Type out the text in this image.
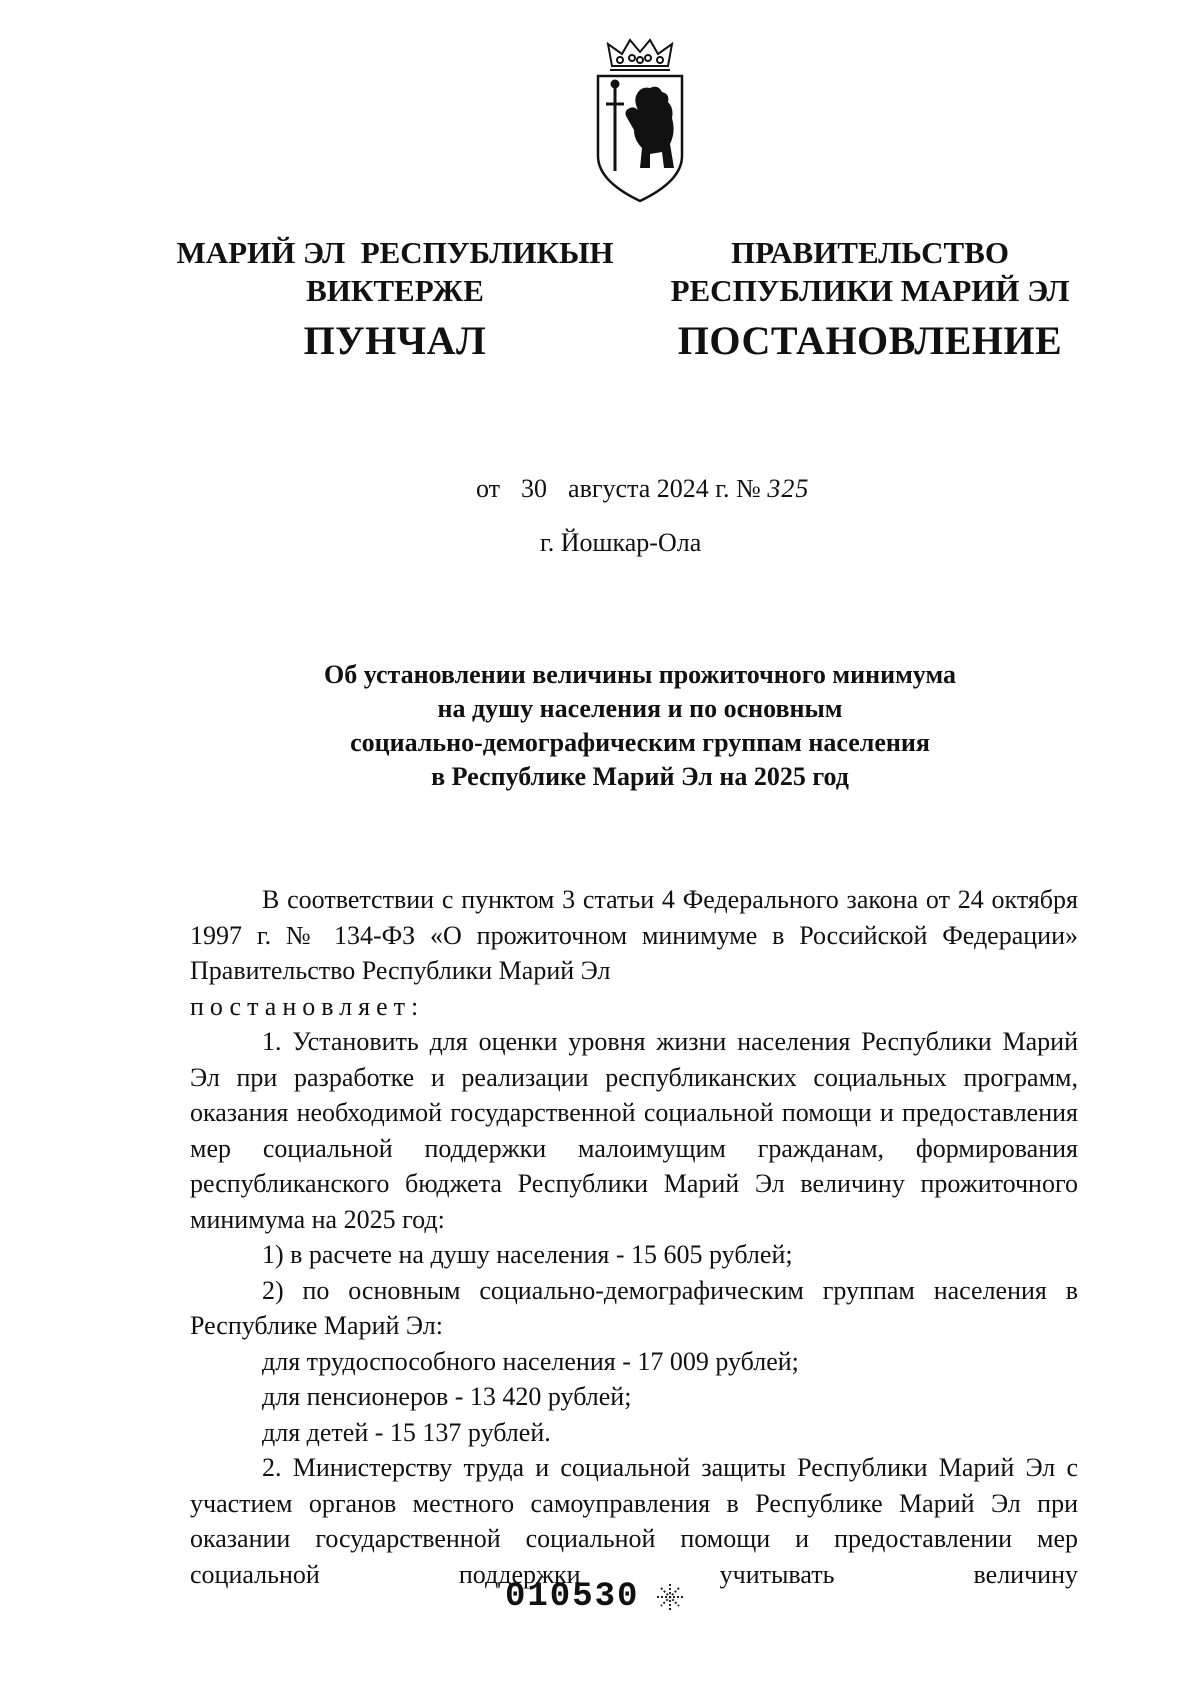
МАРИЙ ЭЛ  РЕСПУБЛИКЫН
ВИКТЕРЖЕ
ПУНЧАЛ
ПРАВИТЕЛЬСТВО
РЕСПУБЛИКИ МАРИЙ ЭЛ
ПОСТАНОВЛЕНИЕ
от 30 августа 2024 г. № 325
г. Йошкар-Ола
Об установлении величины прожиточного минимума
на душу населения и по основным
социально-демографическим группам населения
в Республике Марий Эл на 2025 год

В соответствии с пунктом 3 статьи 4 Федерального закона от 24 октября 1997 г. № 134-ФЗ «О прожиточном минимуме в Российской Федерации» Правительство Республики Марий Эл

постановляет:

1. Установить для оценки уровня жизни населения Республики Марий Эл при разработке и реализации республиканских социальных программ, оказания необходимой государственной социальной помощи и предоставления мер социальной поддержки малоимущим гражданам, формирования республиканского бюджета Республики Марий Эл величину прожиточного минимума на 2025 год:

1) в расчете на душу населения - 15 605 рублей;

2) по основным социально-демографическим группам населения в Республике Марий Эл:

для трудоспособного населения - 17 009 рублей;

для пенсионеров - 13 420 рублей;

для детей - 15 137 рублей.

2. Министерству труда и социальной защиты Республики Марий Эл с участием органов местного самоуправления в Республике Марий Эл при оказании государственной социальной помощи и предоставлении мер социальной поддержки учитывать величину

010530
